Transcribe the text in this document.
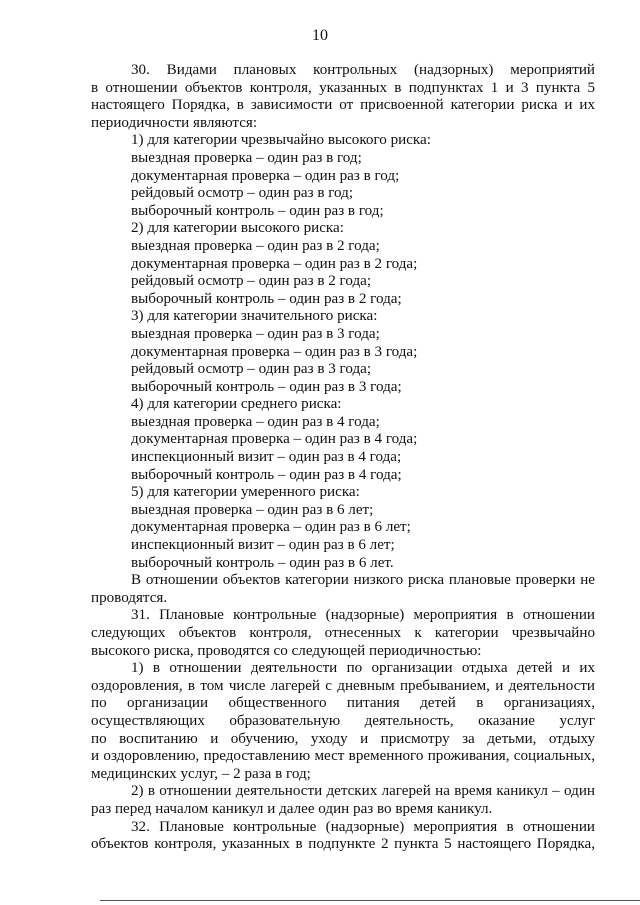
10
30. Видами плановых контрольных (надзорных) мероприятий
в отношении объектов контроля, указанных в подпунктах 1 и 3 пункта 5
настоящего Порядка, в зависимости от присвоенной категории риска и их
периодичности являются:
1) для категории чрезвычайно высокого риска:
выездная проверка – один раз в год;
документарная проверка – один раз в год;
рейдовый осмотр – один раз в год;
выборочный контроль – один раз в год;
2) для категории высокого риска:
выездная проверка – один раз в 2 года;
документарная проверка – один раз в 2 года;
рейдовый осмотр – один раз в 2 года;
выборочный контроль – один раз в 2 года;
3) для категории значительного риска:
выездная проверка – один раз в 3 года;
документарная проверка – один раз в 3 года;
рейдовый осмотр – один раз в 3 года;
выборочный контроль – один раз в 3 года;
4) для категории среднего риска:
выездная проверка – один раз в 4 года;
документарная проверка – один раз в 4 года;
инспекционный визит – один раз в 4 года;
выборочный контроль – один раз в 4 года;
5) для категории умеренного риска:
выездная проверка – один раз в 6 лет;
документарная проверка – один раз в 6 лет;
инспекционный визит – один раз в 6 лет;
выборочный контроль – один раз в 6 лет.
В отношении объектов категории низкого риска плановые проверки не
проводятся.
31. Плановые контрольные (надзорные) мероприятия в отношении
следующих объектов контроля, отнесенных к категории чрезвычайно
высокого риска, проводятся со следующей периодичностью:
1) в отношении деятельности по организации отдыха детей и их
оздоровления, в том числе лагерей с дневным пребыванием, и деятельности
по организации общественного питания детей в организациях,
осуществляющих образовательную деятельность, оказание услуг
по воспитанию и обучению, уходу и присмотру за детьми, отдыху
и оздоровлению, предоставлению мест временного проживания, социальных,
медицинских услуг, – 2 раза в год;
2) в отношении деятельности детских лагерей на время каникул – один
раз перед началом каникул и далее один раз во время каникул.
32. Плановые контрольные (надзорные) мероприятия в отношении
объектов контроля, указанных в подпункте 2 пункта 5 настоящего Порядка,
